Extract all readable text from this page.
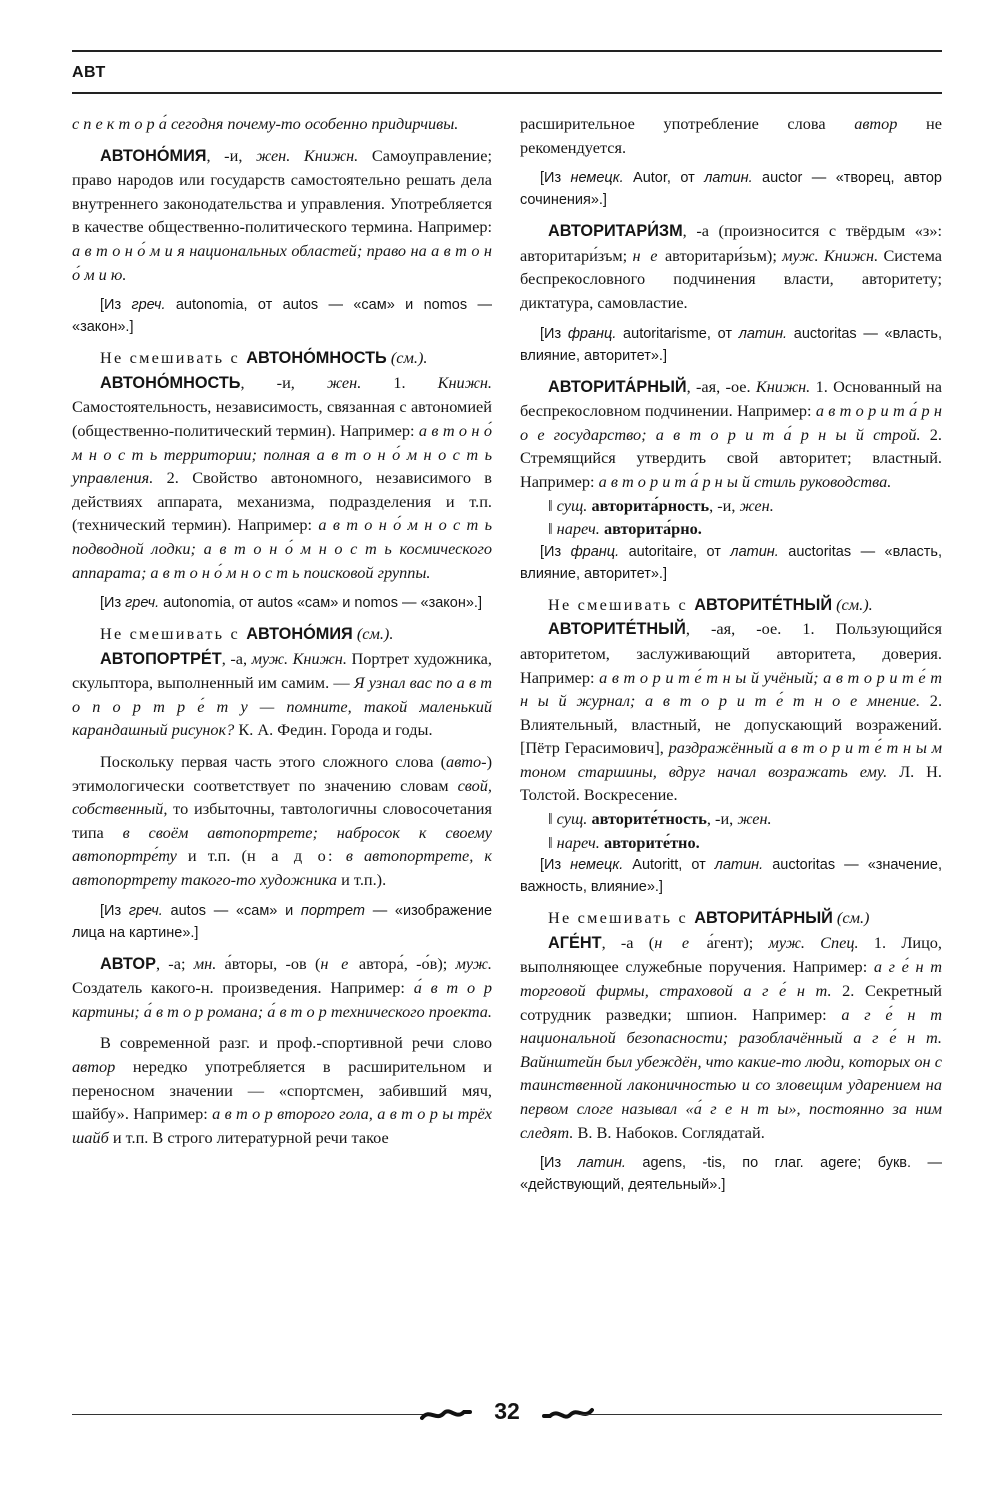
АВТ
с п е к т о р а́ сегодня почему-то особенно придирчивы.
АВТОНО́МИЯ, -и, жен. Книжн. Самоуправление; право народов или государств самостоятельно решать дела внутреннего законодательства и управления. Употребляется в качестве общественно-политического термина. Например: а в т о н о́ м и я национальных областей; право на а в т о н о́ м и ю.
[Из греч. autonomia, от autos — «сам» и nomos — «закон».]
Не смешивать с АВТОНО́МНОСТЬ (см.).
АВТОНО́МНОСТЬ, -и, жен. 1. Книжн. Самостоятельность, независимость, связанная с автономией (общественно-политический термин). Например: а в т о н о́ м н о с т ь территории; полная а в т о н о́ м н о с т ь управления. 2. Свойство автономного, независимого в действиях аппарата, механизма, подразделения и т.п. (технический термин). Например: а в т о н о́ м н о с т ь подводной лодки; а в т о н о́ м н о с т ь космического аппарата; а в т о н о́ м н о с т ь поисковой группы.
[Из греч. autonomia, от autos «сам» и nomos — «закон».]
Не смешивать с АВТОНО́МИЯ (см.).
АВТОПОРТРЕ́Т, -а, муж. Книжн. Портрет художника, скульптора, выполненный им самим. — Я узнал вас по а в т о п о р т р е́ т у — помните, такой маленький карандашный рисунок? К. А. Федин. Города и годы.
Поскольку первая часть этого сложного слова (авто-) этимологически соответствует по значению словам свой, собственный, то избыточны, тавтологичны словосочетания типа в своём автопортрете; набросок к своему автопортре́ту и т.п. (н а д о: в автопортрете, к автопортрету такого-то художника и т.п.).
[Из греч. autos — «сам» и портрет — «изображение лица на картине».]
АВТОР, -а; мн. а́вторы, -ов (н е автора́, -о́в); муж. Создатель какого-н. произведения. Например: а́ в т о р картины; а́ в т о р романа; а́ в т о р технического проекта.
В современной разг. и проф.-спортивной речи слово автор нередко употребляется в расширительном и переносном значении — «спортсмен, забивший мяч, шайбу». Например: а в т о р второго гола, а в т о р ы трёх шайб и т.п. В строго литературной речи такое
расширительное употребление слова автор не рекомендуется.
[Из немецк. Autor, от латин. auctor — «творец, автор сочинения».]
АВТОРИТАРИ́ЗМ, -а (произносится с твёрдым «з»: авторитари́зъм; н е авторитари́зьм); муж. Книжн. Система беспрекословного подчинения власти, авторитету; диктатура, самовластие.
[Из франц. autoritarisme, от латин. auctoritas — «власть, влияние, авторитет».]
АВТОРИТА́РНЫЙ, -ая, -ое. Книжн. 1. Основанный на беспрекословном подчинении. Например: а в т о р и т а́ р н о е государство; а в т о р и т а́ р н ы й строй. 2. Стремящийся утвердить свой авторитет; властный. Например: а в т о р и т а́ р н ы й стиль руководства.
‖ сущ. авторита́рность, -и, жен.
‖ нареч. авторита́рно.
[Из франц. autoritaire, от латин. auctoritas — «власть, влияние, авторитет».]
Не смешивать с АВТОРИТЕ́ТНЫЙ (см.).
АВТОРИТЕ́ТНЫЙ, -ая, -ое. 1. Пользующийся авторитетом, заслуживающий авторитета, доверия. Например: а в т о р и т е́ т н ы й учёный; а в т о р и т е́ т н ы й журнал; а в т о р и т е́ т н о е мнение. 2. Влиятельный, властный, не допускающий возражений. [Пётр Герасимович], раздражённый а в т о р и т е́ т н ы м тоном старшины, вдруг начал возражать ему. Л. Н. Толстой. Воскресение.
‖ сущ. авторите́тность, -и, жен.
‖ нареч. авторите́тно.
[Из немецк. Autoritt, от латин. auctoritas — «значение, важность, влияние».]
Не смешивать с АВТОРИТА́РНЫЙ (см.)
АГЕ́НТ, -а (н е а́гент); муж. Спец. 1. Лицо, выполняющее служебные поручения. Например: а г е́ н т торговой фирмы, страховой а г е́ н т. 2. Секретный сотрудник разведки; шпион. Например: а г е́ н т национальной безопасности; разоблачённый а г е́ н т. Вайнштейн был убеждён, что какие-то люди, которых он с таинственной лаконичностью и со зловещим ударением на первом слоге называл «а́ г е н т ы», постоянно за ним следят. В. В. Набоков. Соглядатай.
[Из латин. agens, -tis, по глаг. agere; букв. — «действующий, деятельный».]
32
